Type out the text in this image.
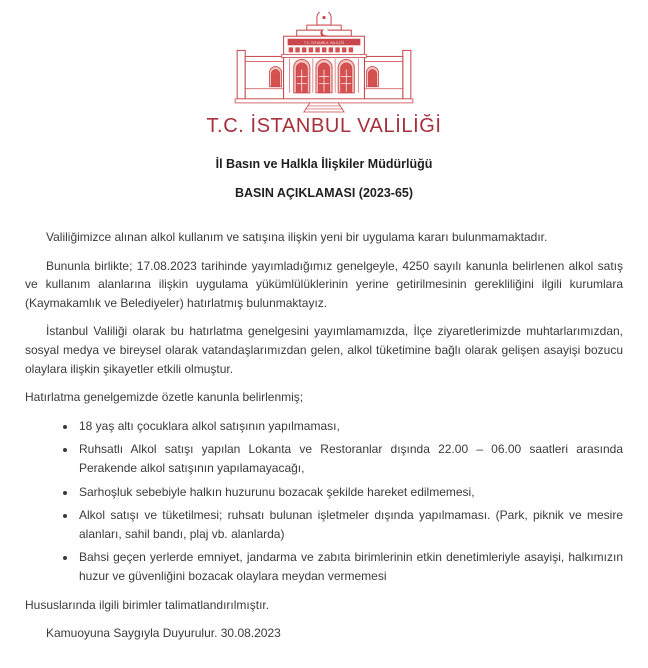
T.C. İSTANBUL VALİLİĞİ
T.C. İSTANBUL VALİLİĞİ
İl Basın ve Halkla İlişkiler Müdürlüğü
BASIN AÇIKLAMASI (2023-65)

Valiliğimizce alınan alkol kullanım ve satışına ilişkin yeni bir uygulama kararı bulunmamaktadır.

Bununla birlikte; 17.08.2023 tarihinde yayımladığımız genelgeyle, 4250 sayılı kanunla belirlenen alkol satış ve kullanım alanlarına ilişkin uygulama yükümlülüklerinin yerine getirilmesinin gerekliliğini ilgili kurumlara (Kaymakamlık ve Belediyeler) hatırlatmış bulunmaktayız.

İstanbul Valiliği olarak bu hatırlatma genelgesini yayımlamamızda, İlçe ziyaretlerimizde muhtarlarımızdan, sosyal medya ve bireysel olarak vatandaşlarımızdan gelen, alkol tüketimine bağlı olarak gelişen asayişi bozucu olaylara ilişkin şikayetler etkili olmuştur.

Hatırlatma genelgemizde özetle kanunla belirlenmiş;

• 18 yaş altı çocuklara alkol satışının yapılmaması,
• Ruhsatlı Alkol satışı yapılan Lokanta ve Restoranlar dışında 22.00 – 06.00 saatleri arasında Perakende alkol satışının yapılamayacağı,
• Sarhoşluk sebebiyle halkın huzurunu bozacak şekilde hareket edilmemesi,
• Alkol satışı ve tüketilmesi; ruhsatı bulunan işletmeler dışında yapılmaması. (Park, piknik ve mesire alanları, sahil bandı, plaj vb. alanlarda)
• Bahsi geçen yerlerde emniyet, jandarma ve zabıta birimlerinin etkin denetimleriyle asayişi, halkımızın huzur ve güvenliğini bozacak olaylara meydan vermemesi

Hususlarında ilgili birimler talimatlandırılmıştır.

Kamuoyuna Saygıyla Duyurulur. 30.08.2023
